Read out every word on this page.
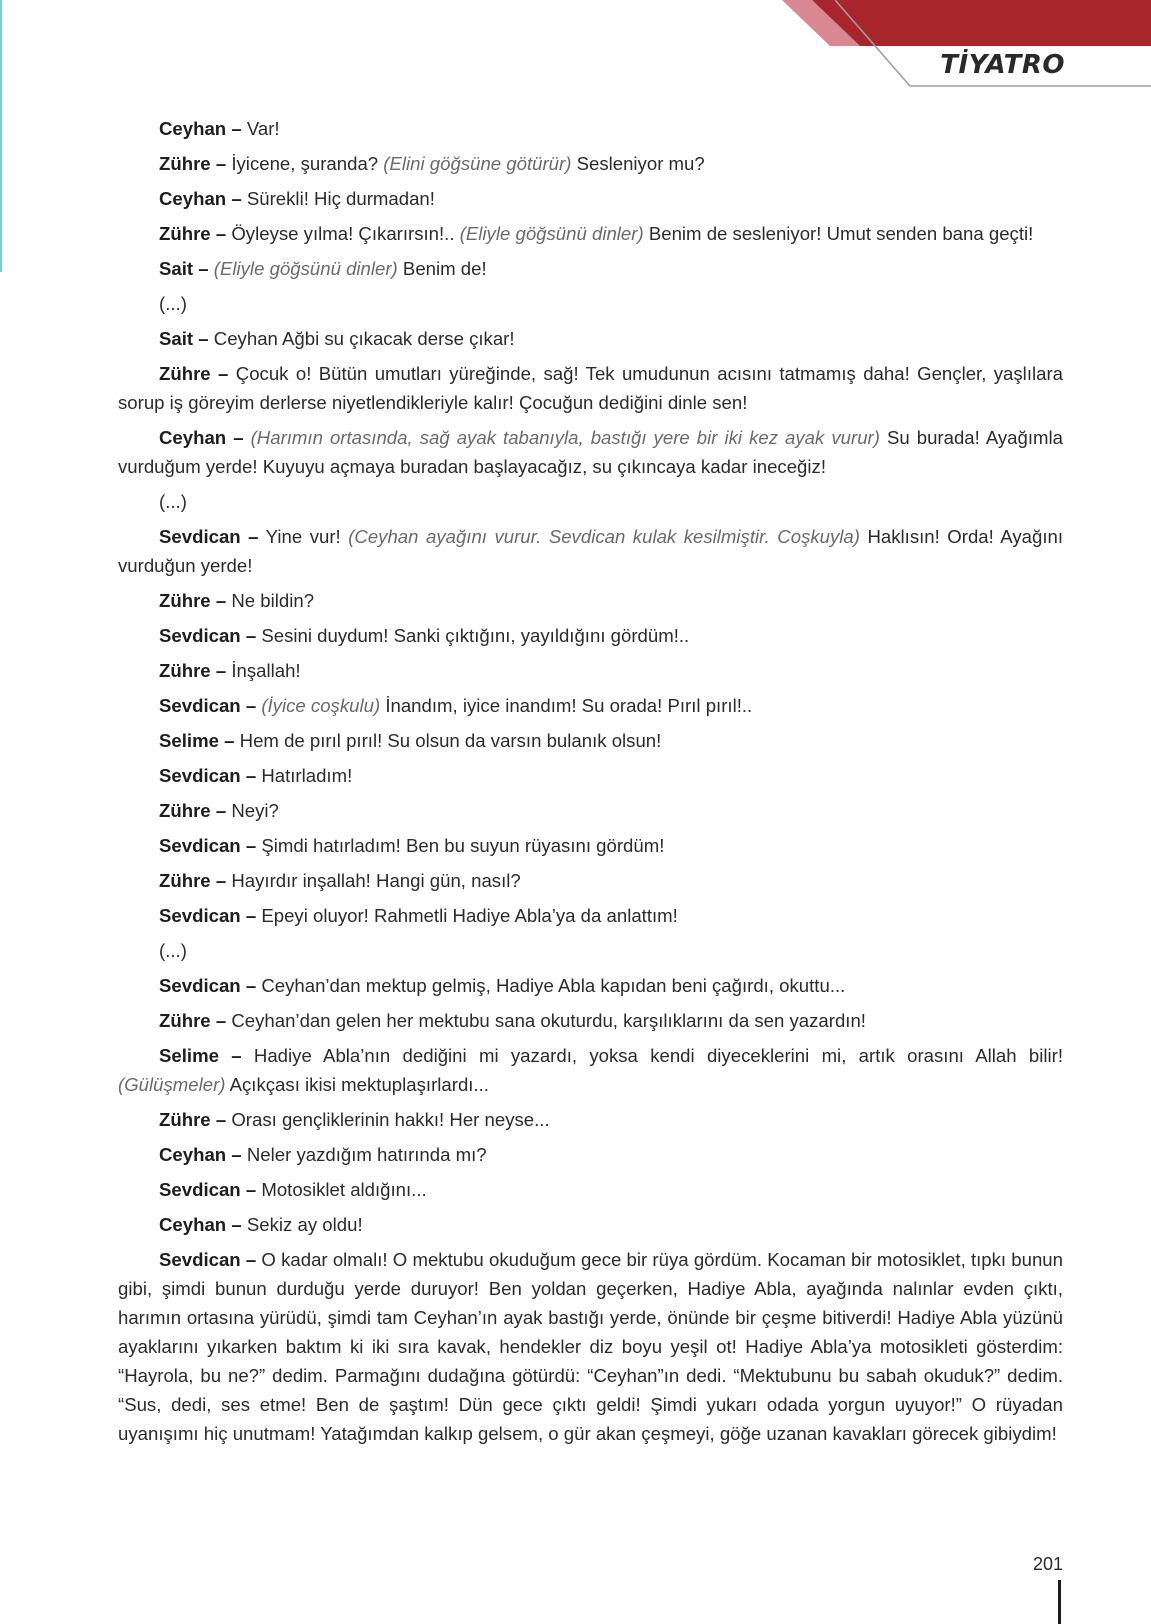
TİYATRO

Ceyhan – Var!

Zühre – İyicene, şuranda? (Elini göğsüne götürür) Sesleniyor mu?

Ceyhan – Sürekli! Hiç durmadan!

Zühre – Öyleyse yılma! Çıkarırsın!.. (Eliyle göğsünü dinler) Benim de sesleniyor! Umut senden bana geçti!

Sait – (Eliyle göğsünü dinler) Benim de!

(...)

Sait – Ceyhan Ağbi su çıkacak derse çıkar!

Zühre – Çocuk o! Bütün umutları yüreğinde, sağ! Tek umudunun acısını tatmamış daha! Gençler, yaşlılara sorup iş göreyim derlerse niyetlendikleriyle kalır! Çocuğun dediğini dinle sen!

Ceyhan – (Harımın ortasında, sağ ayak tabanıyla, bastığı yere bir iki kez ayak vurur) Su burada! Ayağımla vurduğum yerde! Kuyuyu açmaya buradan başlayacağız, su çıkıncaya kadar ineceğiz!

(...)

Sevdican – Yine vur! (Ceyhan ayağını vurur. Sevdican kulak kesilmiştir. Coşkuyla) Haklısın! Orda! Ayağını vurduğun yerde!

Zühre – Ne bildin?

Sevdican – Sesini duydum! Sanki çıktığını, yayıldığını gördüm!..

Zühre – İnşallah!

Sevdican – (İyice coşkulu) İnandım, iyice inandım! Su orada! Pırıl pırıl!..

Selime – Hem de pırıl pırıl! Su olsun da varsın bulanık olsun!

Sevdican – Hatırladım!

Zühre – Neyi?

Sevdican – Şimdi hatırladım! Ben bu suyun rüyasını gördüm!

Zühre – Hayırdır inşallah! Hangi gün, nasıl?

Sevdican – Epeyi oluyor! Rahmetli Hadiye Abla’ya da anlattım!

(...)

Sevdican – Ceyhan’dan mektup gelmiş, Hadiye Abla kapıdan beni çağırdı, okuttu...

Zühre – Ceyhan’dan gelen her mektubu sana okuturdu, karşılıklarını da sen yazardın!

Selime – Hadiye Abla’nın dediğini mi yazardı, yoksa kendi diyeceklerini mi, artık orasını Allah bilir! (Gülüşmeler) Açıkçası ikisi mektuplaşırlardı...

Zühre – Orası gençliklerinin hakkı! Her neyse...

Ceyhan – Neler yazdığım hatırında mı?

Sevdican – Motosiklet aldığını...

Ceyhan – Sekiz ay oldu!

Sevdican – O kadar olmalı! O mektubu okuduğum gece bir rüya gördüm. Kocaman bir motosiklet, tıpkı bunun gibi, şimdi bunun durduğu yerde duruyor! Ben yoldan geçerken, Hadiye Abla, ayağında nalınlar evden çıktı, harımın ortasına yürüdü, şimdi tam Ceyhan’ın ayak bastığı yerde, önünde bir çeşme bitiverdi! Hadiye Abla yüzünü ayaklarını yıkarken baktım ki iki sıra kavak, hendekler diz boyu yeşil ot! Hadiye Abla’ya motosikleti gösterdim: “Hayrola, bu ne?” dedim. Parmağını dudağına götürdü: “Ceyhan”ın dedi. “Mektubunu bu sabah okuduk?” dedim. “Sus, dedi, ses etme! Ben de şaştım! Dün gece çıktı geldi! Şimdi yukarı odada yorgun uyuyor!” O rüyadan uyanışımı hiç unutmam! Yatağımdan kalkıp gelsem, o gür akan çeşmeyi, göğe uzanan kavakları görecek gibiydim!

201
